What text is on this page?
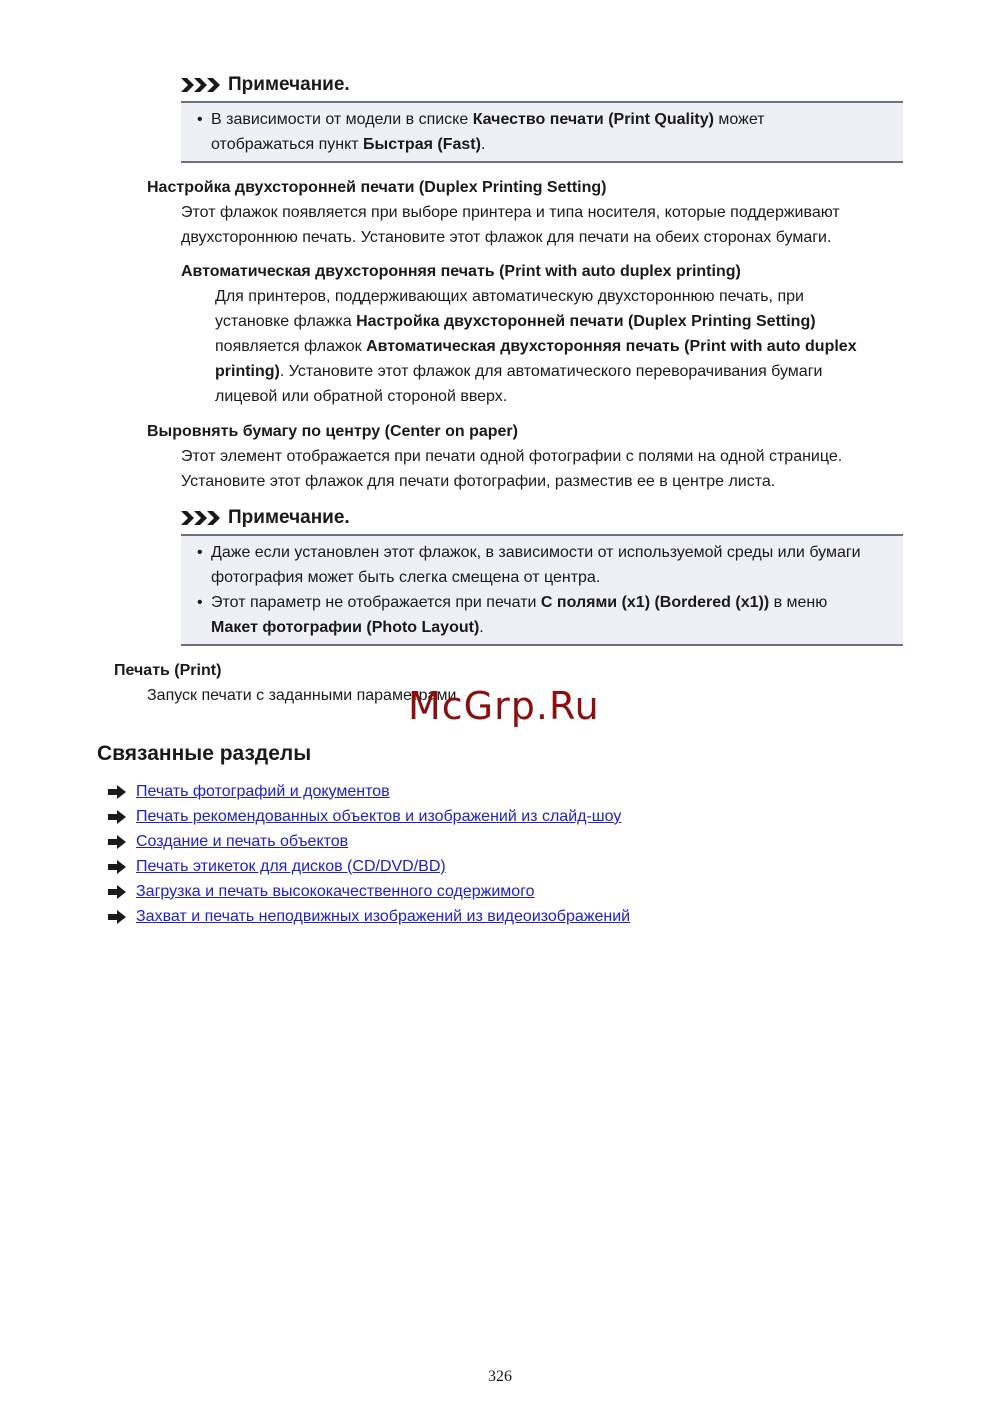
Примечание.
• В зависимости от модели в списке Качество печати (Print Quality) может
отображаться пункт Быстрая (Fast).
Настройка двухсторонней печати (Duplex Printing Setting)
Этот флажок появляется при выборе принтера и типа носителя, которые поддерживают
двухстороннюю печать. Установите этот флажок для печати на обеих сторонах бумаги.
Автоматическая двухсторонняя печать (Print with auto duplex printing)
Для принтеров, поддерживающих автоматическую двухстороннюю печать, при
установке флажка Настройка двухсторонней печати (Duplex Printing Setting)
появляется флажок Автоматическая двухсторонняя печать (Print with auto duplex
printing). Установите этот флажок для автоматического переворачивания бумаги
лицевой или обратной стороной вверх.
Выровнять бумагу по центру (Center on paper)
Этот элемент отображается при печати одной фотографии с полями на одной странице.
Установите этот флажок для печати фотографии, разместив ее в центре листа.
Примечание.
• Даже если установлен этот флажок, в зависимости от используемой среды или бумаги
фотография может быть слегка смещена от центра.
• Этот параметр не отображается при печати С полями (x1) (Bordered (x1)) в меню
Макет фотографии (Photo Layout).
Печать (Print)
Запуск печати с заданными параметрами.
McGrp.Ru
Связанные разделы
Печать фотографий и документов
Печать рекомендованных объектов и изображений из слайд-шоу
Создание и печать объектов
Печать этикеток для дисков (CD/DVD/BD)
Загрузка и печать высококачественного содержимого
Захват и печать неподвижных изображений из видеоизображений
326
